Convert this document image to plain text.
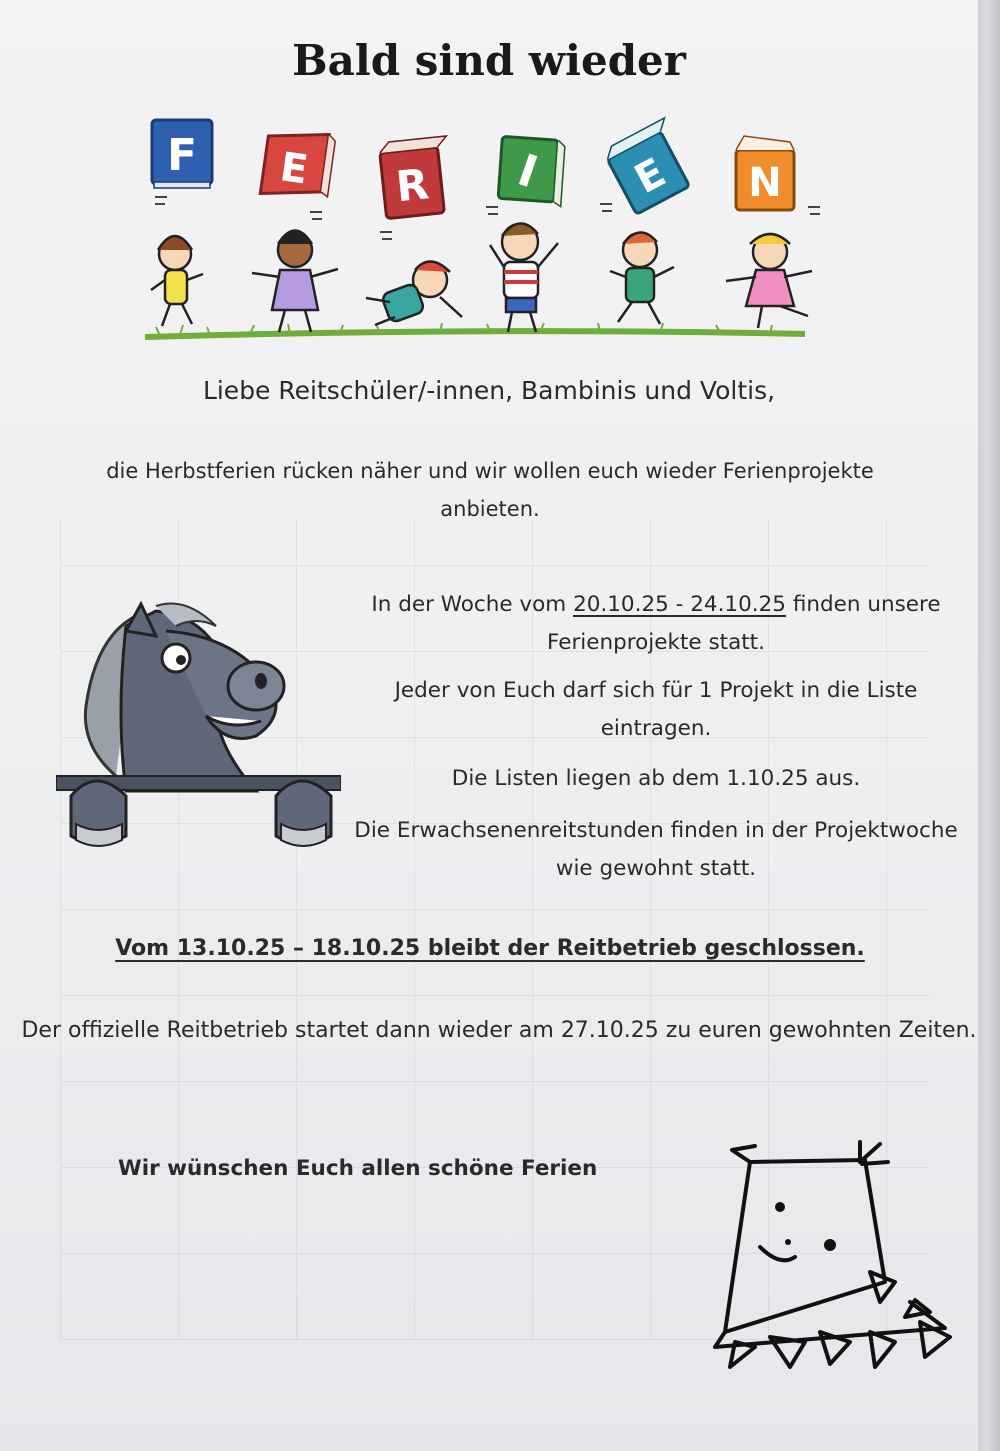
Bald sind wieder
F E R I E N
Liebe Reitschüler/-innen, Bambinis und Voltis,
die Herbstferien rücken näher und wir wollen euch wieder Ferienprojekte anbieten.
In der Woche vom 20.10.25 - 24.10.25 finden unsere Ferienprojekte statt.
Jeder von Euch darf sich für 1 Projekt in die Liste eintragen.
Die Listen liegen ab dem 1.10.25 aus.
Die Erwachsenenreitstunden finden in der Projektwoche wie gewohnt statt.
Vom 13.10.25 – 18.10.25 bleibt der Reitbetrieb geschlossen.
Der offizielle Reitbetrieb startet dann wieder am 27.10.25 zu euren gewohnten Zeiten.
Wir wünschen Euch allen schöne Ferien
